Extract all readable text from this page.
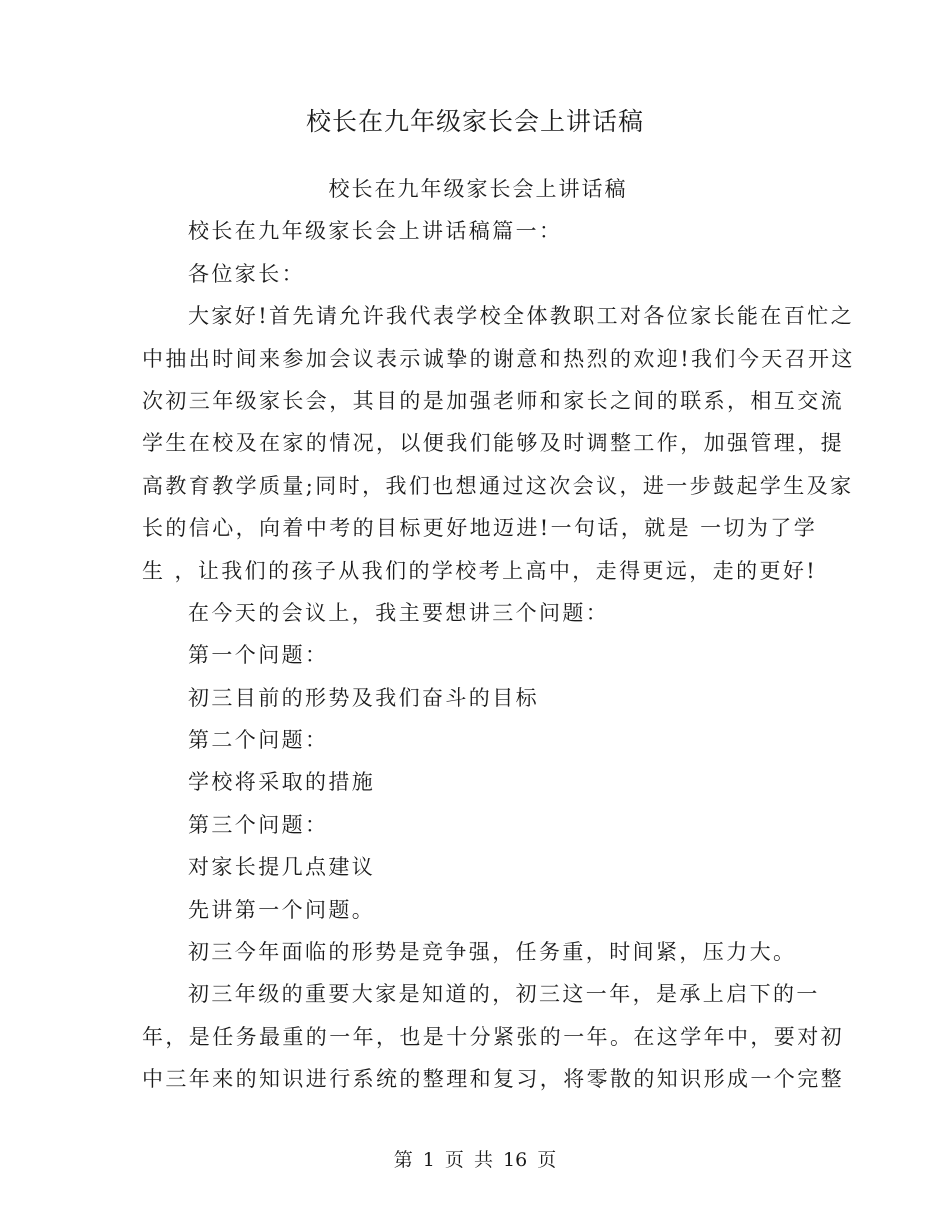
校长在九年级家长会上讲话稿
校长在九年级家长会上讲话稿
校长在九年级家长会上讲话稿篇一：
各位家长：
大家好!首先请允许我代表学校全体教职工对各位家长能在百忙之
中抽出时间来参加会议表示诚挚的谢意和热烈的欢迎!我们今天召开这
次初三年级家长会，其目的是加强老师和家长之间的联系，相互交流
学生在校及在家的情况，以便我们能够及时调整工作，加强管理，提
高教育教学质量;同时，我们也想通过这次会议，进一步鼓起学生及家
长的信心，向着中考的目标更好地迈进!一句话，就是 一切为了学
生 ，让我们的孩子从我们的学校考上高中，走得更远，走的更好!
在今天的会议上，我主要想讲三个问题：
第一个问题：
初三目前的形势及我们奋斗的目标
第二个问题：
学校将采取的措施
第三个问题：
对家长提几点建议
先讲第一个问题。
初三今年面临的形势是竞争强，任务重，时间紧，压力大。
初三年级的重要大家是知道的，初三这一年，是承上启下的一
年，是任务最重的一年，也是十分紧张的一年。在这学年中，要对初
中三年来的知识进行系统的整理和复习，将零散的知识形成一个完整
第 1 页 共 16 页
